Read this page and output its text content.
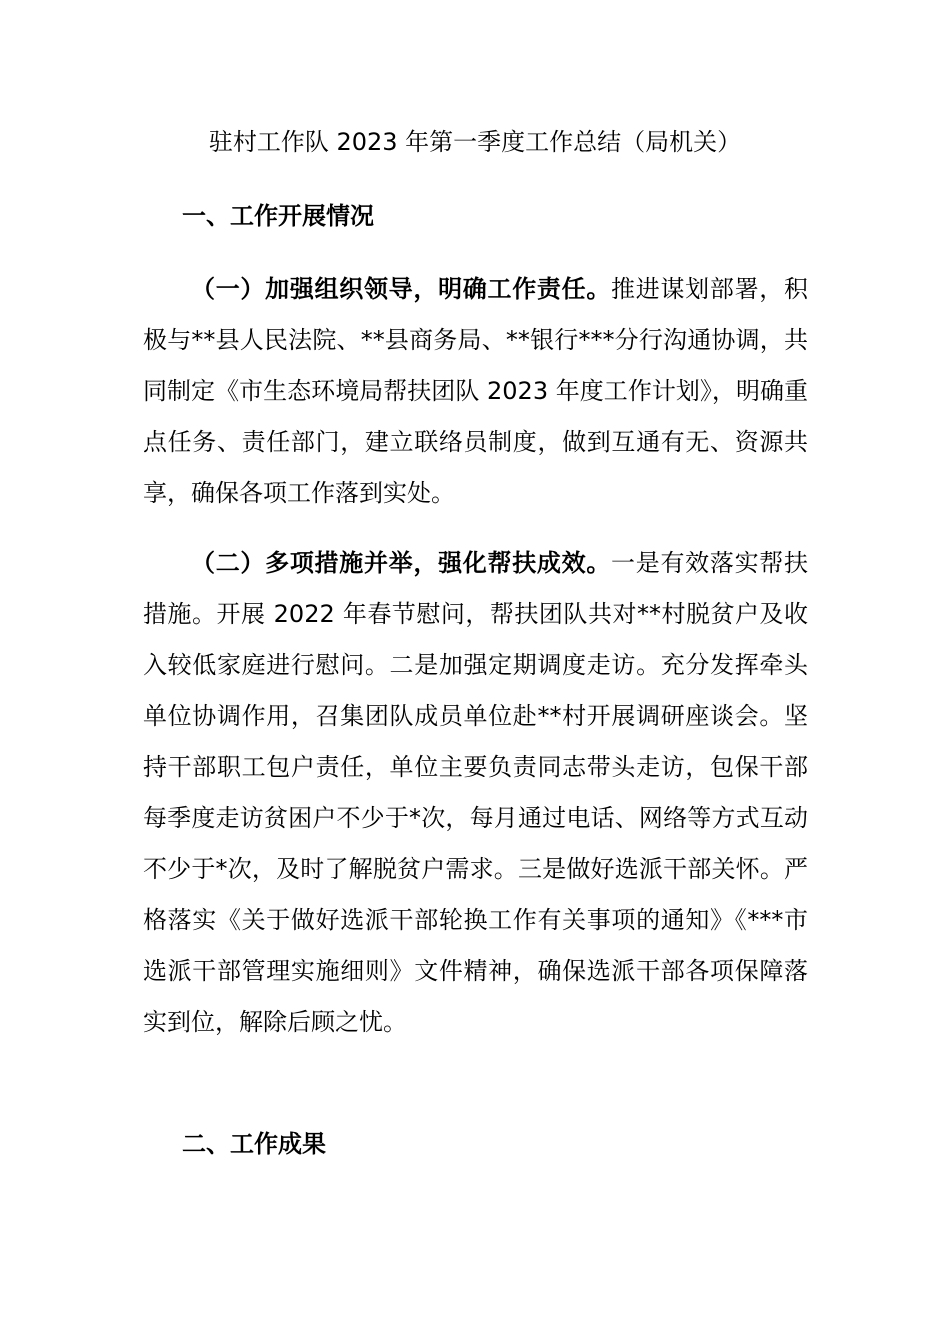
驻村工作队 2023 年第一季度工作总结（局机关）
一、工作开展情况

（一）加强组织领导，明确工作责任。推进谋划部署，积极与**县人民法院、**县商务局、**银行***分行沟通协调，共同制定《市生态环境局帮扶团队 2023 年度工作计划》，明确重点任务、责任部门，建立联络员制度，做到互通有无、资源共享，确保各项工作落到实处。

（二）多项措施并举，强化帮扶成效。一是有效落实帮扶措施。开展 2022 年春节慰问，帮扶团队共对**村脱贫户及收入较低家庭进行慰问。二是加强定期调度走访。充分发挥牵头单位协调作用，召集团队成员单位赴**村开展调研座谈会。坚持干部职工包户责任，单位主要负责同志带头走访，包保干部每季度走访贫困户不少于*次，每月通过电话、网络等方式互动不少于*次，及时了解脱贫户需求。三是做好选派干部关怀。严格落实《关于做好选派干部轮换工作有关事项的通知》《***市选派干部管理实施细则》文件精神，确保选派干部各项保障落实到位，解除后顾之忧。

二、工作成果
